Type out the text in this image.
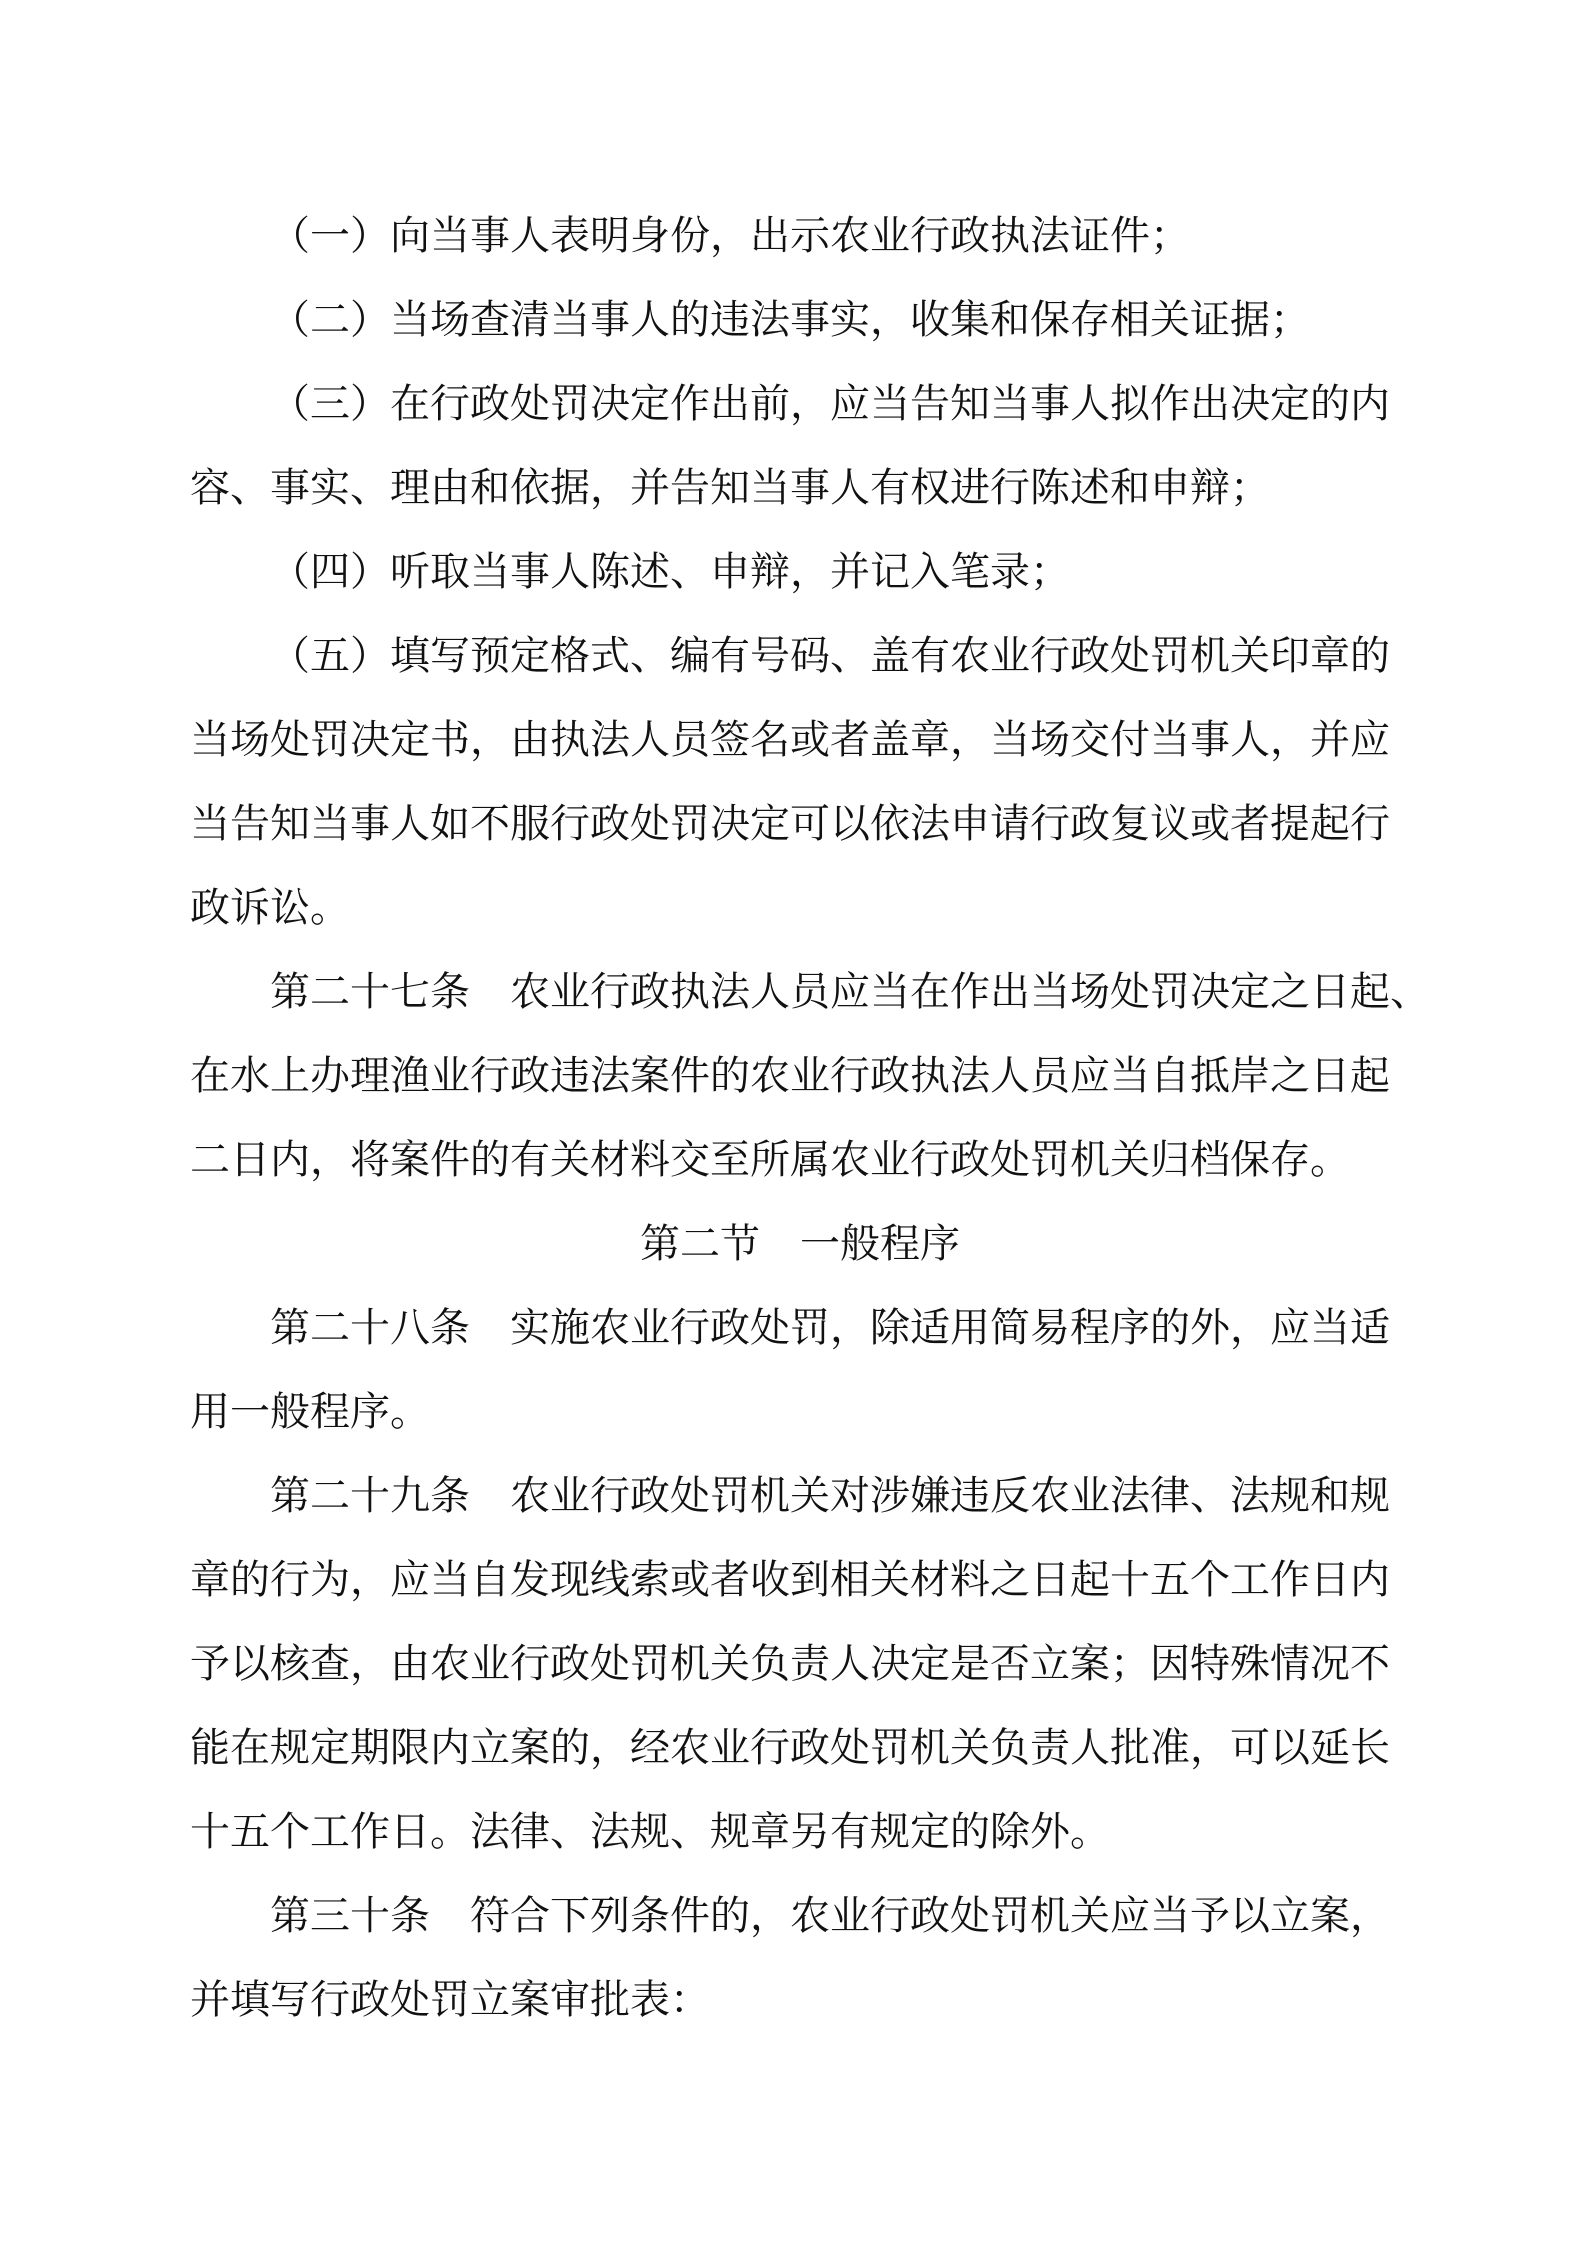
（一）向当事人表明身份，出示农业行政执法证件；
（二）当场查清当事人的违法事实，收集和保存相关证据；
（三）在行政处罚决定作出前，应当告知当事人拟作出决定的内
容、事实、理由和依据，并告知当事人有权进行陈述和申辩；
（四）听取当事人陈述、申辩，并记入笔录；
（五）填写预定格式、编有号码、盖有农业行政处罚机关印章的
当场处罚决定书，由执法人员签名或者盖章，当场交付当事人，并应
当告知当事人如不服行政处罚决定可以依法申请行政复议或者提起行
政诉讼。
第二十七条　农业行政执法人员应当在作出当场处罚决定之日起、
在水上办理渔业行政违法案件的农业行政执法人员应当自抵岸之日起
二日内，将案件的有关材料交至所属农业行政处罚机关归档保存。
第二节　一般程序
第二十八条　实施农业行政处罚，除适用简易程序的外，应当适
用一般程序。
第二十九条　农业行政处罚机关对涉嫌违反农业法律、法规和规
章的行为，应当自发现线索或者收到相关材料之日起十五个工作日内
予以核查，由农业行政处罚机关负责人决定是否立案；因特殊情况不
能在规定期限内立案的，经农业行政处罚机关负责人批准，可以延长
十五个工作日。法律、法规、规章另有规定的除外。
第三十条　符合下列条件的，农业行政处罚机关应当予以立案，
并填写行政处罚立案审批表：
